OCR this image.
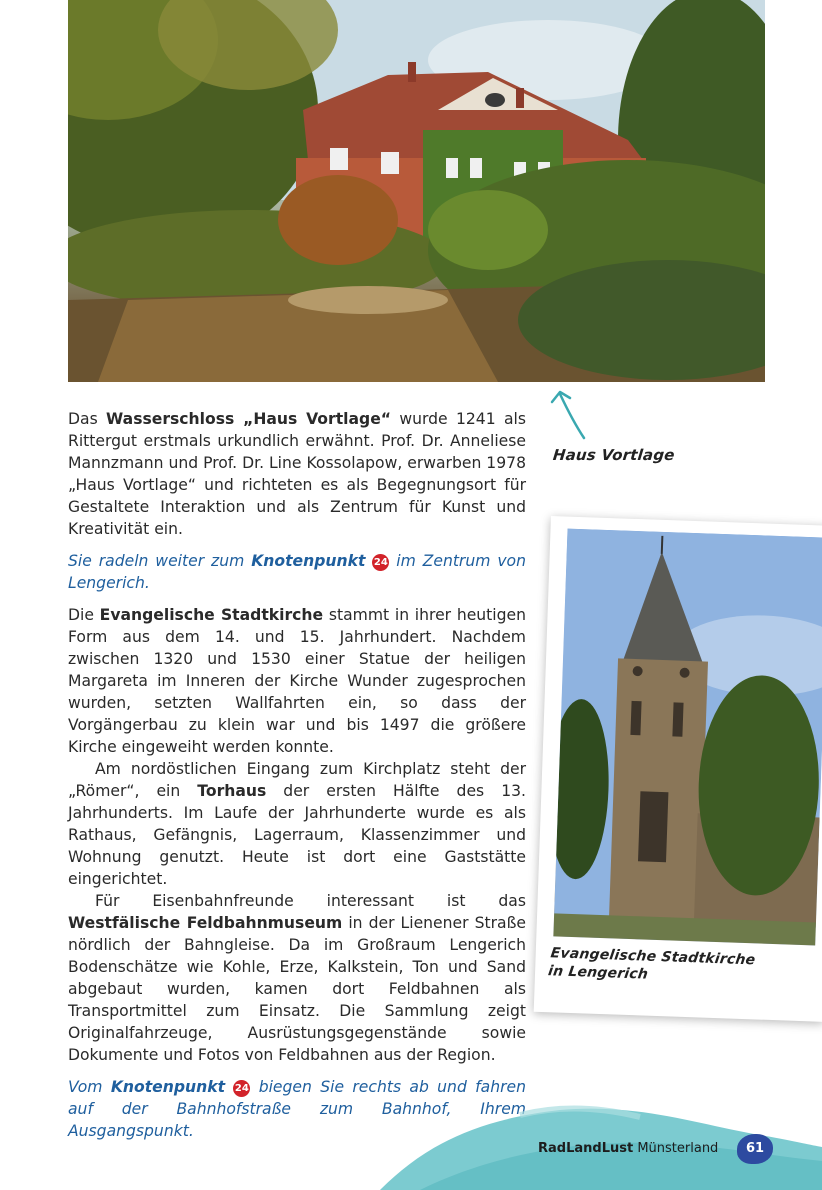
Haus Vortlage

Das Wasserschloss „Haus Vortlage“ wurde 1241 als Rittergut erstmals urkundlich erwähnt. Prof. Dr. Anneliese Mannzmann und Prof. Dr. Line Kossolapow, erwarben 1978 „Haus Vortlage“ und richteten es als Begegnungsort für Gestaltete Interaktion und als Zentrum für Kunst und Kreativität ein.

Sie radeln weiter zum Knotenpunkt 24 im Zentrum von Lengerich.

Die Evangelische Stadtkirche stammt in ihrer heutigen Form aus dem 14. und 15. Jahrhundert. Nachdem zwischen 1320 und 1530 einer Statue der heiligen Margareta im Inneren der Kirche Wunder zugesprochen wurden, setzten Wallfahrten ein, so dass der Vorgängerbau zu klein war und bis 1497 die größere Kirche eingeweiht werden konnte.

Am nordöstlichen Eingang zum Kirchplatz steht der „Römer“, ein Torhaus der ersten Hälfte des 13. Jahrhunderts. Im Laufe der Jahrhunderte wurde es als Rathaus, Gefängnis, Lagerraum, Klassenzimmer und Wohnung genutzt. Heute ist dort eine Gaststätte eingerichtet.

Für Eisenbahnfreunde interessant ist das Westfälische Feldbahnmuseum in der Lienener Straße nördlich der Bahngleise. Da im Großraum Lengerich Bodenschätze wie Kohle, Erze, Kalkstein, Ton und Sand abgebaut wurden, kamen dort Feldbahnen als Transportmittel zum Einsatz. Die Sammlung zeigt Originalfahrzeuge, Ausrüstungsgegenstände sowie Dokumente und Fotos von Feldbahnen aus der Region.

Vom Knotenpunkt 24 biegen Sie rechts ab und fahren auf der Bahnhofstraße zum Bahnhof, Ihrem Ausgangspunkt.

Evangelische Stadtkirche
in Lengerich
RadLandLust Münsterland	61
